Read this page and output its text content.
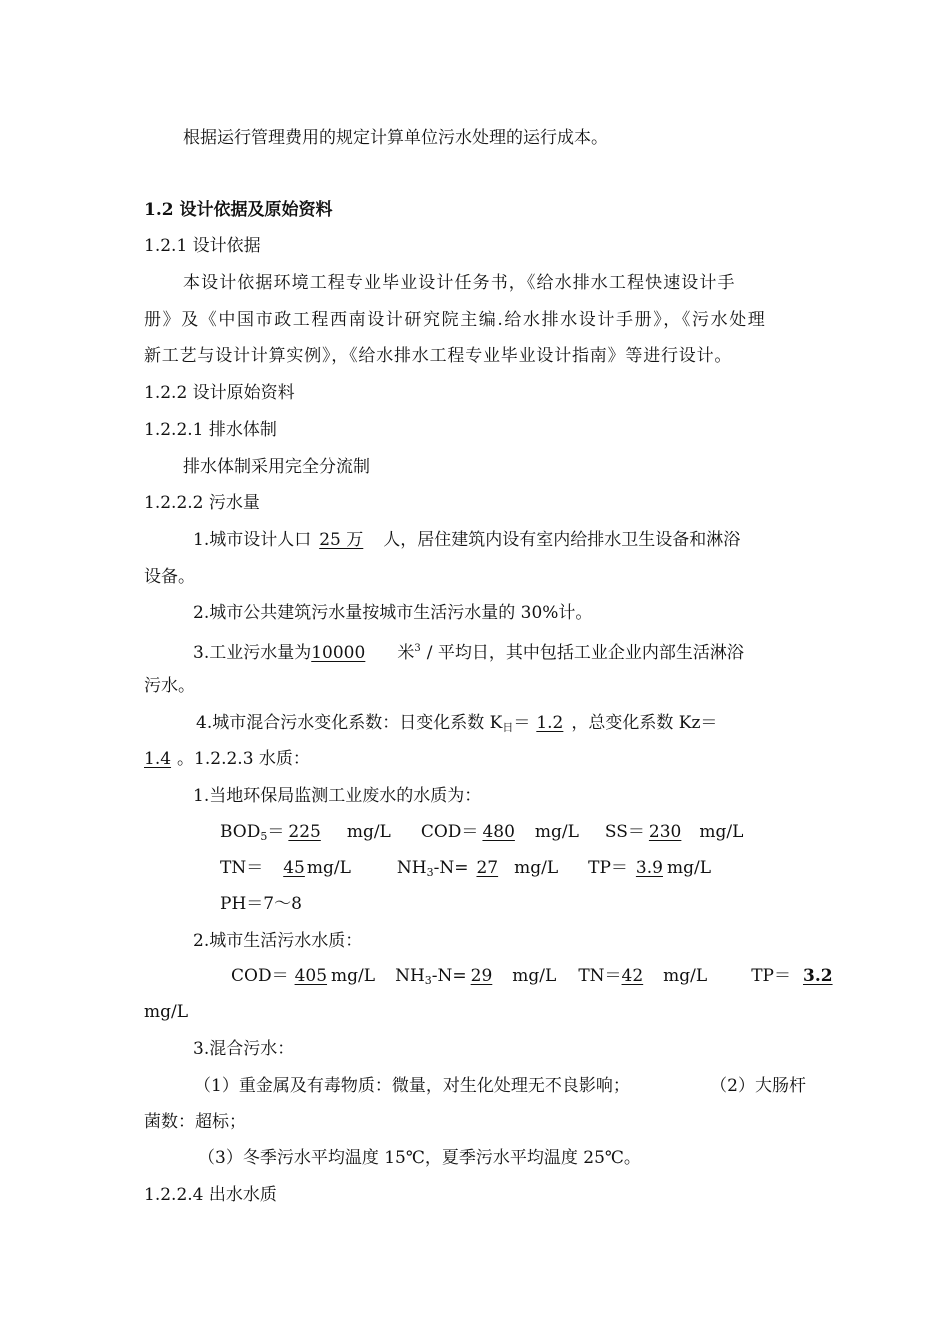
根据运行管理费用的规定计算单位污水处理的运行成本。
1.2 设计依据及原始资料
1.2.1 设计依据
本设计依据环境工程专业毕业设计任务书，《给水排水工程快速设计手
册》及《中国市政工程西南设计研究院主编.给水排水设计手册》，《污水处理
新工艺与设计计算实例》，《给水排水工程专业毕业设计指南》等进行设计。
1.2.2 设计原始资料
1.2.2.1 排水体制
排水体制采用完全分流制
1.2.2.2 污水量
1.城市设计人口 25 万 人，居住建筑内设有室内给排水卫生设备和淋浴
设备。
2.城市公共建筑污水量按城市生活污水量的 30%计。
3.工业污水量为10000 米$^3$ / 平均日，其中包括工业企业内部生活淋浴
污水。
4.城市混合污水变化系数：日变化系数 $K_日= 1.2$ ，总变化系数 Kz＝
1.4 。1.2.2.3 水质：
1.当地环保局监测工业废水的水质为：
$BOD_5= 225$ mg/L COD＝ 480 mg/L SS＝ 230 mg/L
TN＝ 45 mg/L	$NH_3-N= 27$ mg/L TP＝ 3.9 mg/L
PH＝7～8
2.城市生活污水水质：
COD＝ 405 mg/L $NH_3-N= 29$ mg/L TN＝42 mg/L	TP＝ 3.2
mg/L
3.混合污水：
（1）重金属及有毒物质：微量，对生化处理无不良影响；	（2）大肠杆
菌数：超标；
（3）冬季污水平均温度 15℃，夏季污水平均温度 25℃。
1.2.2.4 出水水质
